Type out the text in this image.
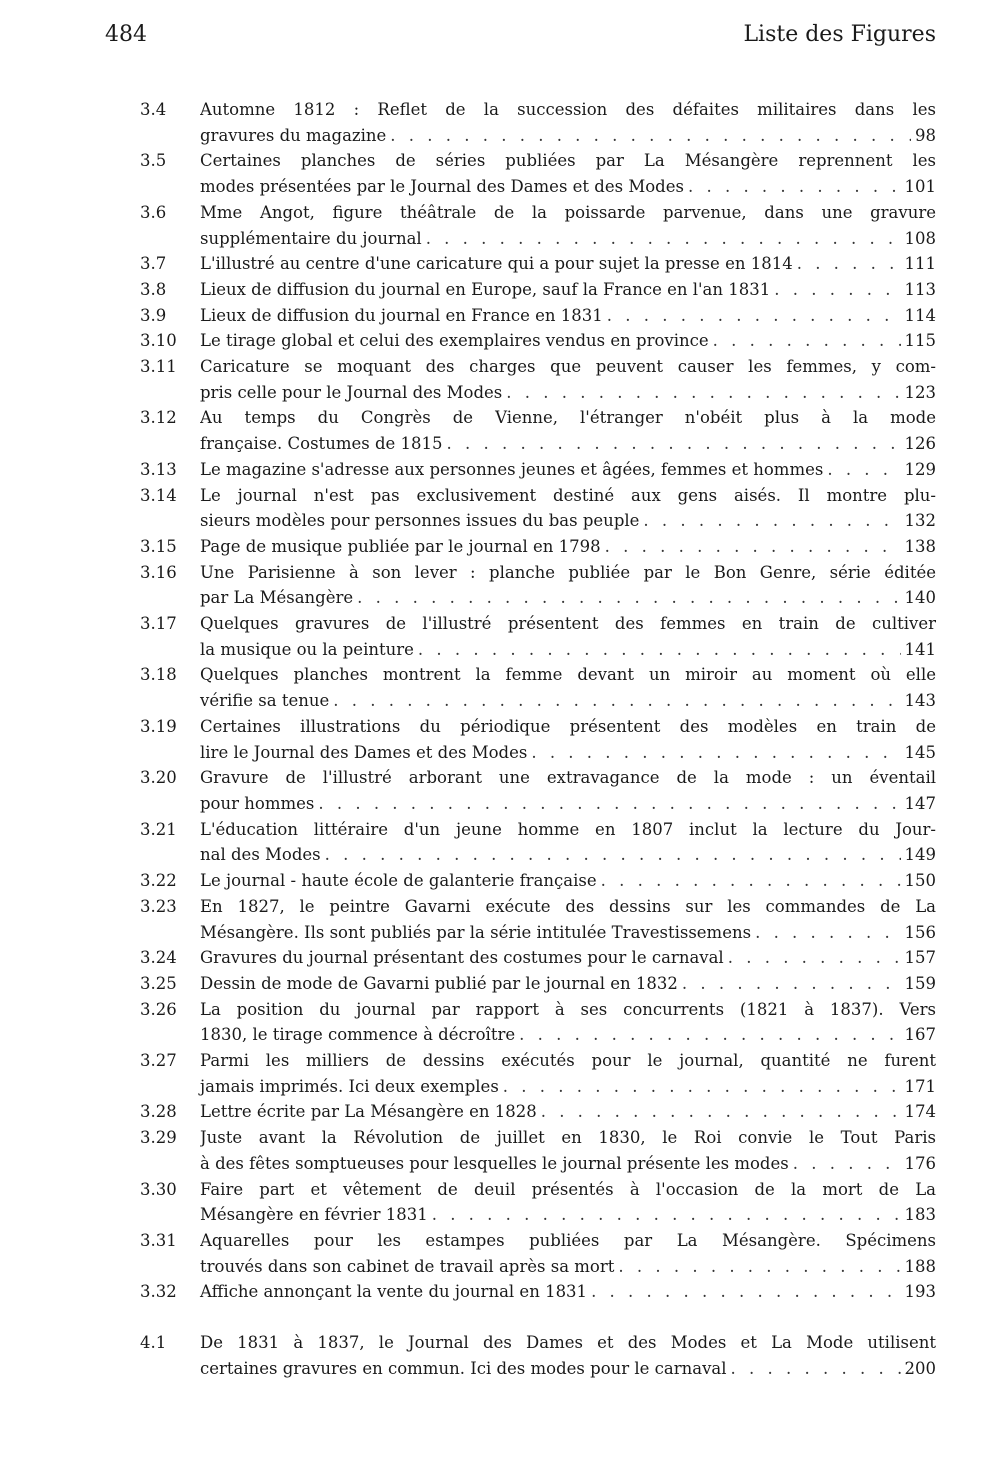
484	Liste des Figures
3.4 Automne 1812 : Reflet de la succession des défaites militaires dans les
gravures du magazine . . .	98
3.5 Certaines planches de séries publiées par La Mésangère reprennent les
modes présentées par le Journal des Dames et des Modes . . .	101
3.6 Mme Angot, figure théâtrale de la poissarde parvenue, dans une gravure
supplémentaire du journal . . .	108
3.7 L'illustré au centre d'une caricature qui a pour sujet la presse en 1814 . . .	111
3.8 Lieux de diffusion du journal en Europe, sauf la France en l'an 1831 . . .	113
3.9 Lieux de diffusion du journal en France en 1831 . . .	114
3.10 Le tirage global et celui des exemplaires vendus en province . . .	115
3.11 Caricature se moquant des charges que peuvent causer les femmes, y com-
pris celle pour le Journal des Modes . . .	123
3.12 Au temps du Congrès de Vienne, l'étranger n'obéit plus à la mode
française. Costumes de 1815 . . .	126
3.13 Le magazine s'adresse aux personnes jeunes et âgées, femmes et hommes . . .	129
3.14 Le journal n'est pas exclusivement destiné aux gens aisés. Il montre plu-
sieurs modèles pour personnes issues du bas peuple . . .	132
3.15 Page de musique publiée par le journal en 1798 . . .	138
3.16 Une Parisienne à son lever : planche publiée par le Bon Genre, série éditée
par La Mésangère . . .	140
3.17 Quelques gravures de l'illustré présentent des femmes en train de cultiver
la musique ou la peinture . . .	141
3.18 Quelques planches montrent la femme devant un miroir au moment où elle
vérifie sa tenue . . .	143
3.19 Certaines illustrations du périodique présentent des modèles en train de
lire le Journal des Dames et des Modes . . .	145
3.20 Gravure de l'illustré arborant une extravagance de la mode : un éventail
pour hommes . . .	147
3.21 L'éducation littéraire d'un jeune homme en 1807 inclut la lecture du Jour-
nal des Modes . . .	149
3.22 Le journal - haute école de galanterie française . . .	150
3.23 En 1827, le peintre Gavarni exécute des dessins sur les commandes de La
Mésangère. Ils sont publiés par la série intitulée Travestissemens . . .	156
3.24 Gravures du journal présentant des costumes pour le carnaval . . .	157
3.25 Dessin de mode de Gavarni publié par le journal en 1832 . . .	159
3.26 La position du journal par rapport à ses concurrents (1821 à 1837). Vers
1830, le tirage commence à décroître . . .	167
3.27 Parmi les milliers de dessins exécutés pour le journal, quantité ne furent
jamais imprimés. Ici deux exemples . . .	171
3.28 Lettre écrite par La Mésangère en 1828 . . .	174
3.29 Juste avant la Révolution de juillet en 1830, le Roi convie le Tout Paris
à des fêtes somptueuses pour lesquelles le journal présente les modes . . .	176
3.30 Faire part et vêtement de deuil présentés à l'occasion de la mort de La
Mésangère en février 1831 . . .	183
3.31 Aquarelles pour les estampes publiées par La Mésangère. Spécimens
trouvés dans son cabinet de travail après sa mort . . .	188
3.32 Affiche annonçant la vente du journal en 1831 . . .	193
4.1 De 1831 à 1837, le Journal des Dames et des Modes et La Mode utilisent
certaines gravures en commun. Ici des modes pour le carnaval . . .	200
